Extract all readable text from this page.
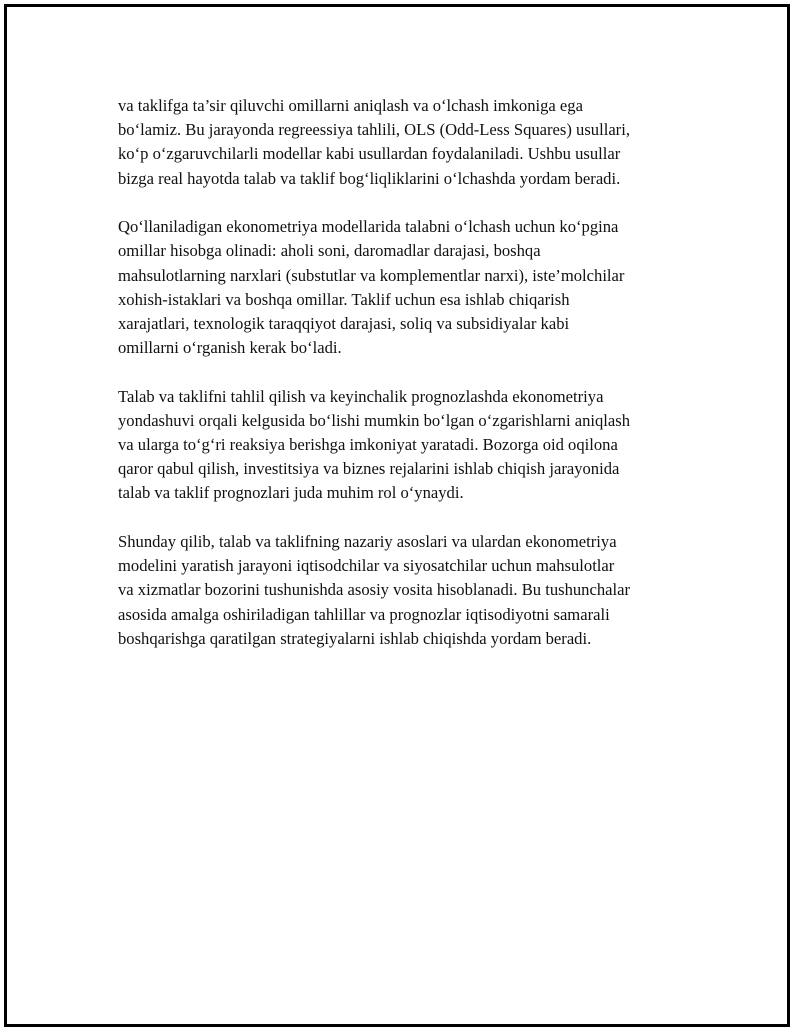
va taklifga ta’sir qiluvchi omillarni aniqlash va o‘lchash imkoniga ega
bo‘lamiz. Bu jarayonda regreessiya tahlili, OLS (Odd-Less Squares) usullari,
ko‘p o‘zgaruvchilarli modellar kabi usullardan foydalaniladi. Ushbu usullar
bizga real hayotda talab va taklif bog‘liqliklarini o‘lchashda yordam beradi.
Qo‘llaniladigan ekonometriya modellarida talabni o‘lchash uchun ko‘pgina
omillar hisobga olinadi: aholi soni, daromadlar darajasi, boshqa
mahsulotlarning narxlari (substutlar va komplementlar narxi), iste’molchilar
xohish-istaklari va boshqa omillar. Taklif uchun esa ishlab chiqarish
xarajatlari, texnologik taraqqiyot darajasi, soliq va subsidiyalar kabi
omillarni o‘rganish kerak bo‘ladi.
Talab va taklifni tahlil qilish va keyinchalik prognozlashda ekonometriya
yondashuvi orqali kelgusida bo‘lishi mumkin bo‘lgan o‘zgarishlarni aniqlash
va ularga to‘g‘ri reaksiya berishga imkoniyat yaratadi. Bozorga oid oqilona
qaror qabul qilish, investitsiya va biznes rejalarini ishlab chiqish jarayonida
talab va taklif prognozlari juda muhim rol o‘ynaydi.
Shunday qilib, talab va taklifning nazariy asoslari va ulardan ekonometriya
modelini yaratish jarayoni iqtisodchilar va siyosatchilar uchun mahsulotlar
va xizmatlar bozorini tushunishda asosiy vosita hisoblanadi. Bu tushunchalar
asosida amalga oshiriladigan tahlillar va prognozlar iqtisodiyotni samarali
boshqarishga qaratilgan strategiyalarni ishlab chiqishda yordam beradi.
